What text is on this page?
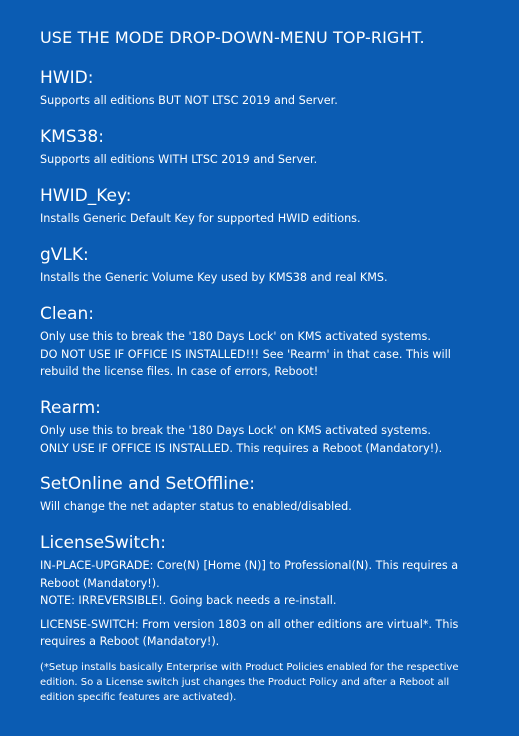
USE THE MODE DROP-DOWN-MENU TOP-RIGHT.
HWID:

Supports all editions BUT NOT LTSC 2019 and Server.

KMS38:

Supports all editions WITH LTSC 2019 and Server.

HWID_Key:

Installs Generic Default Key for supported HWID editions.

gVLK:

Installs the Generic Volume Key used by KMS38 and real KMS.

Clean:

Only use this to break the '180 Days Lock' on KMS activated systems.

DO NOT USE IF OFFICE IS INSTALLED!!! See 'Rearm' in that case. This will

rebuild the license files. In case of errors, Reboot!

Rearm:

Only use this to break the '180 Days Lock' on KMS activated systems.

ONLY USE IF OFFICE IS INSTALLED. This requires a Reboot (Mandatory!).

SetOnline and SetOffline:

Will change the net adapter status to enabled/disabled.

LicenseSwitch:

IN-PLACE-UPGRADE: Core(N) [Home (N)] to Professional(N). This requires a

Reboot (Mandatory!).

NOTE: IRREVERSIBLE!. Going back needs a re-install.

LICENSE-SWITCH: From version 1803 on all other editions are virtual*. This

requires a Reboot (Mandatory!).

(*Setup installs basically Enterprise with Product Policies enabled for the respective
edition. So a License switch just changes the Product Policy and after a Reboot all
edition specific features are activated).
